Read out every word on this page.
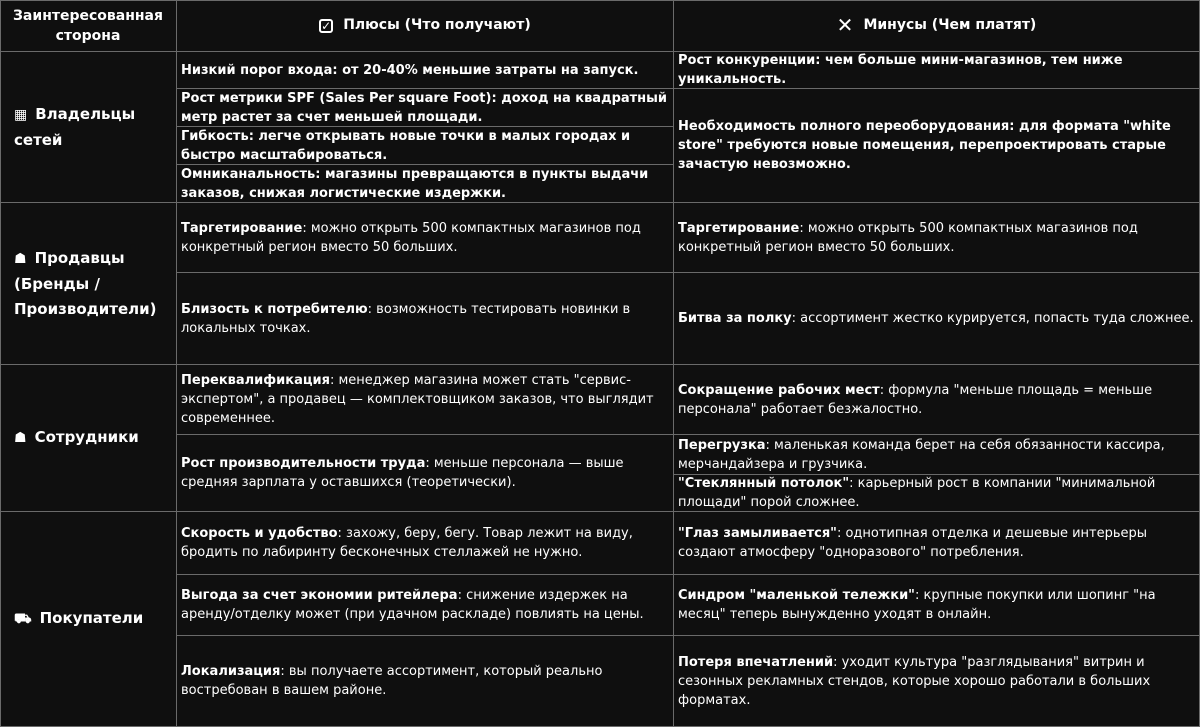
Заинтересованная сторона
✓ Плюсы (Что получают)	✕ Минусы (Чем платят)
▦ Владельцы сетей
Низкий порог входа: от 20-40% меньшие затраты на запуск.
Рост метрики SPF (Sales Per square Foot): доход на квадратный метр растет за счет меньшей площади.
Гибкость: легче открывать новые точки в малых городах и быстро масштабироваться.
Омниканальность: магазины превращаются в пункты выдачи заказов, снижая логистические издержки.
Рост конкуренции: чем больше мини-магазинов, тем ниже уникальность.
Необходимость полного переоборудования: для формата "white store" требуются новые помещения, перепроектировать старые зачастую невозможно.
☗ Продавцы (Бренды / Производители)
Таргетирование: можно открыть 500 компактных магазинов под конкретный регион вместо 50 больших.
Близость к потребителю: возможность тестировать новинки в локальных точках.
Таргетирование: можно открыть 500 компактных магазинов под конкретный регион вместо 50 больших.
Битва за полку: ассортимент жестко курируется, попасть туда сложнее.
☗ Сотрудники
Переквалификация: менеджер магазина может стать "сервис-экспертом", а продавец — комплектовщиком заказов, что выглядит современнее.
Рост производительности труда: меньше персонала — выше средняя зарплата у оставшихся (теоретически).
Сокращение рабочих мест: формула "меньше площадь = меньше персонала" работает безжалостно.
Перегрузка: маленькая команда берет на себя обязанности кассира, мерчандайзера и грузчика.
"Стеклянный потолок": карьерный рост в компании "минимальной площади" порой сложнее.
⛟ Покупатели
Скорость и удобство: захожу, беру, бегу. Товар лежит на виду, бродить по лабиринту бесконечных стеллажей не нужно.
Выгода за счет экономии ритейлера: снижение издержек на аренду/отделку может (при удачном раскладе) повлиять на цены.
Локализация: вы получаете ассортимент, который реально востребован в вашем районе.
"Глаз замыливается": однотипная отделка и дешевые интерьеры создают атмосферу "одноразового" потребления.
Синдром "маленькой тележки": крупные покупки или шопинг "на месяц" теперь вынужденно уходят в онлайн.
Потеря впечатлений: уходит культура "разглядывания" витрин и сезонных рекламных стендов, которые хорошо работали в больших форматах.
